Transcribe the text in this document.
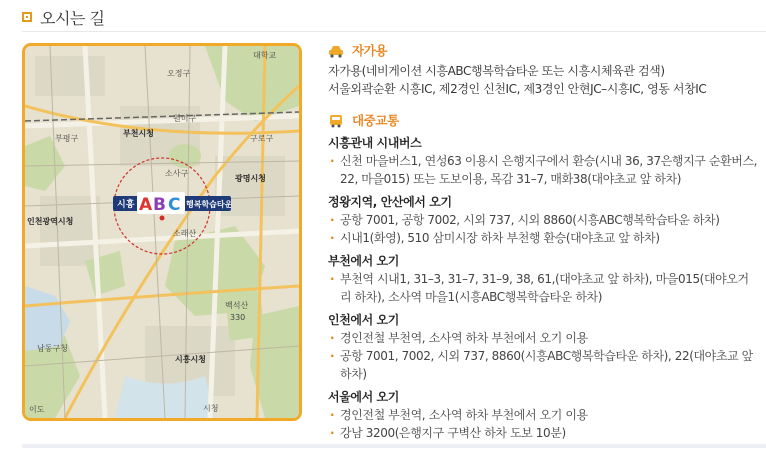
오시는 길
오정구
대학교
부천시청
부평구
소사구
구로구
원미구
인천광역시청
광명시청
시흥시청
소래산
남동구청
이도
330
백석산
시청
시흥 A B C 행복학습타운
자가용
자가용(네비게이션 시흥ABC행복학습타운 또는 시흥시체육관 검색)
서울외곽순환 시흥IC, 제2경인 신천IC, 제3경인 안현JC–시흥IC, 영동 서창IC
대중교통
시흥관내 시내버스
· 신천 마을버스1, 연성63 이용시 은행지구에서 환승(시내 36, 37은행지구 순환버스, 22, 마을015) 또는 도보이용, 목감 31–7, 매화38(대야초교 앞 하차)
정왕지역, 안산에서 오기
· 공항 7001, 공항 7002, 시외 737, 시외 8860(시흥ABC행복학습타운 하차)
· 시내1(화영), 510 삼미시장 하차 부천행 환승(대야초교 앞 하차)
부천에서 오기
· 부천역 시내1, 31–3, 31–7, 31–9, 38, 61,(대야초교 앞 하차), 마을015(대야오거리 하차), 소사역 마을1(시흥ABC행복학습타운 하차)
인천에서 오기
· 경인전철 부천역, 소사역 하차 부천에서 오기 이용
· 공항 7001, 7002, 시외 737, 8860(시흥ABC행복학습타운 하차), 22(대야초교 앞 하차)
서울에서 오기
· 경인전철 부천역, 소사역 하차 부천에서 오기 이용
· 강남 3200(은행지구 구벽산 하차 도보 10분)
